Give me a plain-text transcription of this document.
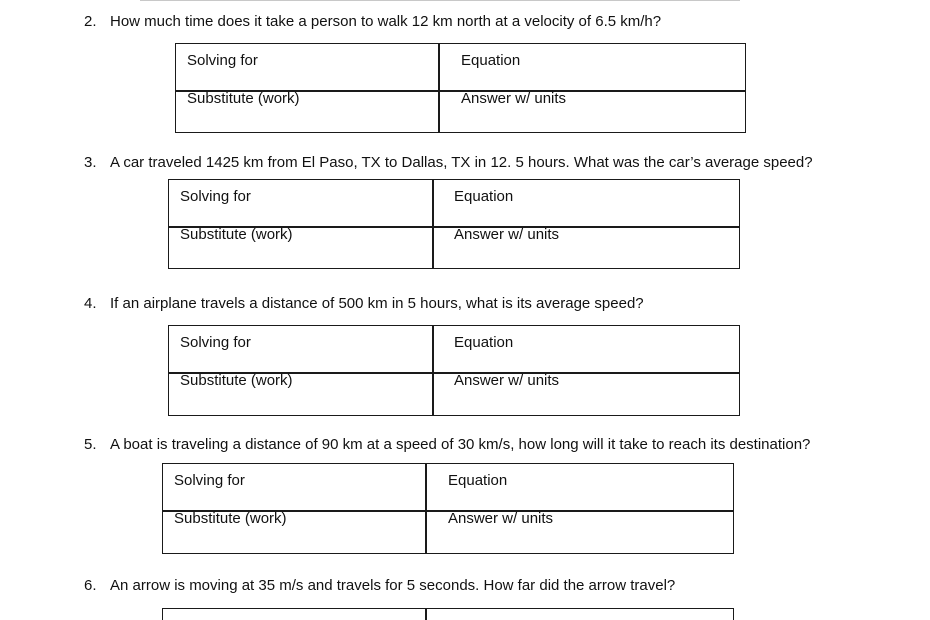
2. How much time does it take a person to walk 12 km north at a velocity of 6.5 km/h?
Solving for	Equation
Substitute (work)	Answer w/ units
3. A car traveled 1425 km from El Paso, TX to Dallas, TX in 12. 5 hours. What was the car’s average speed?
Solving for	Equation
Substitute (work)	Answer w/ units
4. If an airplane travels a distance of 500 km in 5 hours, what is its average speed?
Solving for	Equation
Substitute (work)	Answer w/ units
5. A boat is traveling a distance of 90 km at a speed of 30 km/s, how long will it take to reach its destination?
Solving for	Equation
Substitute (work)	Answer w/ units
6. An arrow is moving at 35 m/s and travels for 5 seconds. How far did the arrow travel?
